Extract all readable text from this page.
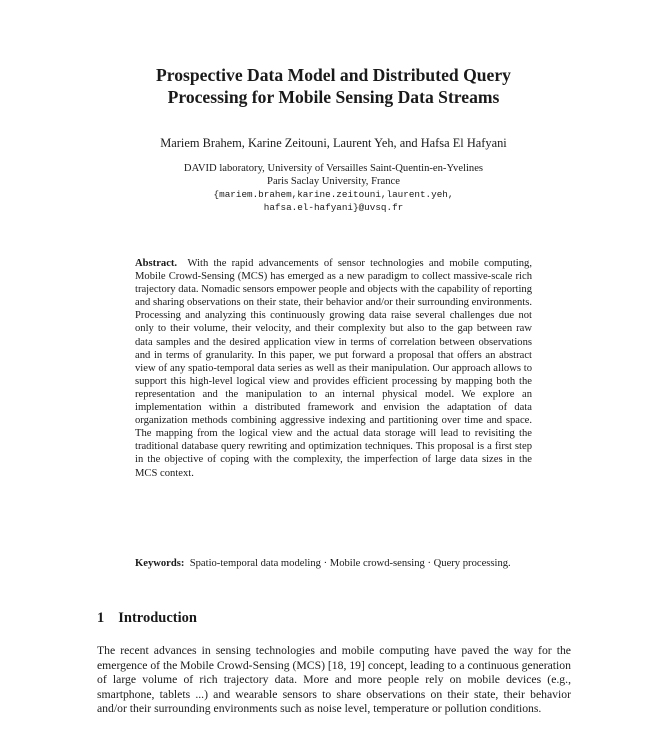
Prospective Data Model and Distributed Query
Processing for Mobile Sensing Data Streams
Mariem Brahem, Karine Zeitouni, Laurent Yeh, and Hafsa El Hafyani
DAVID laboratory, University of Versailles Saint-Quentin-en-Yvelines
Paris Saclay University, France
{mariem.brahem,karine.zeitouni,laurent.yeh,
hafsa.el-hafyani}@uvsq.fr

Abstract. With the rapid advancements of sensor technologies and mobile computing, Mobile Crowd-Sensing (MCS) has emerged as a new paradigm to collect massive-scale rich trajectory data. Nomadic sensors empower people and objects with the capability of reporting and sharing observations on their state, their behavior and/or their surrounding environments. Processing and analyzing this continuously growing data raise several challenges due not only to their volume, their velocity, and their complexity but also to the gap between raw data samples and the desired application view in terms of correlation between observations and in terms of granularity. In this paper, we put forward a proposal that offers an abstract view of any spatio-temporal data series as well as their manipulation. Our approach allows to support this high-level logical view and provides efficient processing by mapping both the representation and the manipulation to an internal physical model. We explore an implementation within a distributed framework and envision the adaptation of data organization methods combining aggressive indexing and partitioning over time and space. The mapping from the logical view and the actual data storage will lead to revisiting the traditional database query rewriting and optimization techniques. This proposal is a first step in the objective of coping with the complexity, the imperfection of large data sizes in the MCS context.

Keywords: Spatio-temporal data modeling · Mobile crowd-sensing · Query processing.

1 Introduction

The recent advances in sensing technologies and mobile computing have paved the way for the emergence of the Mobile Crowd-Sensing (MCS) [18, 19] concept, leading to a continuous generation of large volume of rich trajectory data. More and more people rely on mobile devices (e.g., smartphone, tablets ...) and wearable sensors to share observations on their state, their behavior and/or their surrounding environments such as noise level, temperature or pollution conditions.
